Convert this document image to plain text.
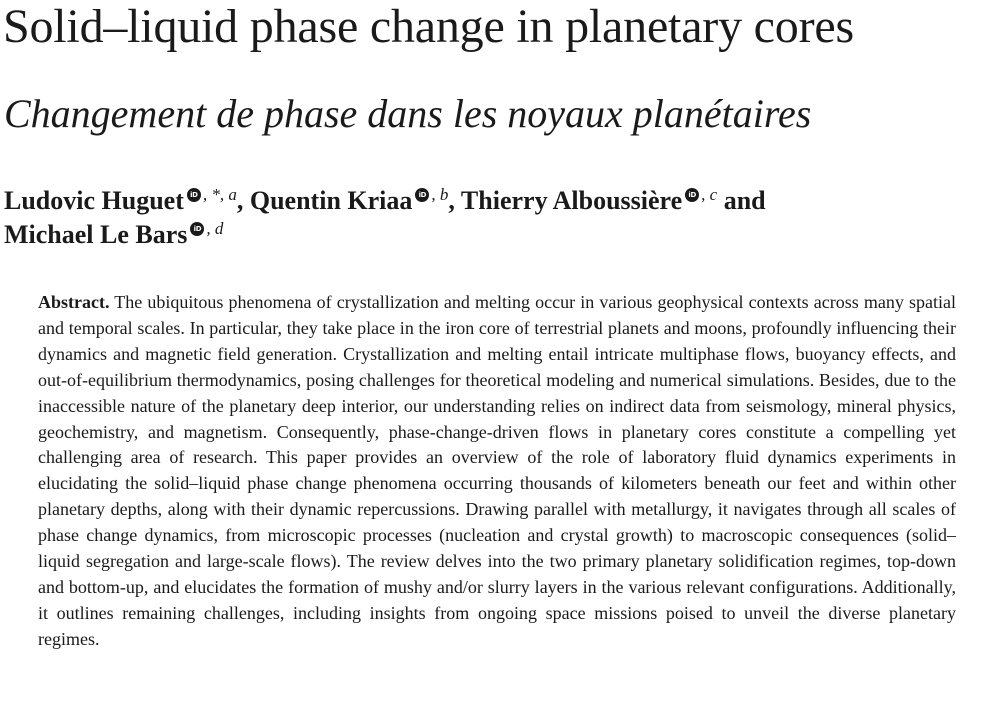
Solid–liquid phase change in planetary cores
Changement de phase dans les noyaux planétaires
Ludovic Huguet iD $^{, *, a}$, Quentin Kriaa iD $^{, b}$, Thierry Alboussière iD $^{, c}$ and
Michael Le Bars iD $^{, d}$

Abstract. The ubiquitous phenomena of crystallization and melting occur in various geophysical contexts across many spatial and temporal scales. In particular, they take place in the iron core of terrestrial planets and moons, profoundly influencing their dynamics and magnetic field generation. Crystallization and melting entail intricate multiphase flows, buoyancy effects, and out-of-equilibrium thermodynamics, posing challenges for theoretical modeling and numerical simulations. Besides, due to the inaccessible nature of the planetary deep interior, our understanding relies on indirect data from seismology, mineral physics, geochemistry, and magnetism. Consequently, phase-change-driven flows in planetary cores constitute a compelling yet challenging area of research. This paper provides an overview of the role of laboratory fluid dynamics experiments in elucidating the solid–liquid phase change phenomena occurring thousands of kilometers beneath our feet and within other planetary depths, along with their dynamic repercussions. Drawing parallel with metallurgy, it navigates through all scales of phase change dynamics, from microscopic processes (nucleation and crystal growth) to macroscopic consequences (solid–liquid segregation and large-scale flows). The review delves into the two primary planetary solidification regimes, top-down and bottom-up, and elucidates the formation of mushy and/or slurry layers in the various relevant configurations. Additionally, it outlines remaining challenges, including insights from ongoing space missions poised to unveil the diverse planetary regimes.
